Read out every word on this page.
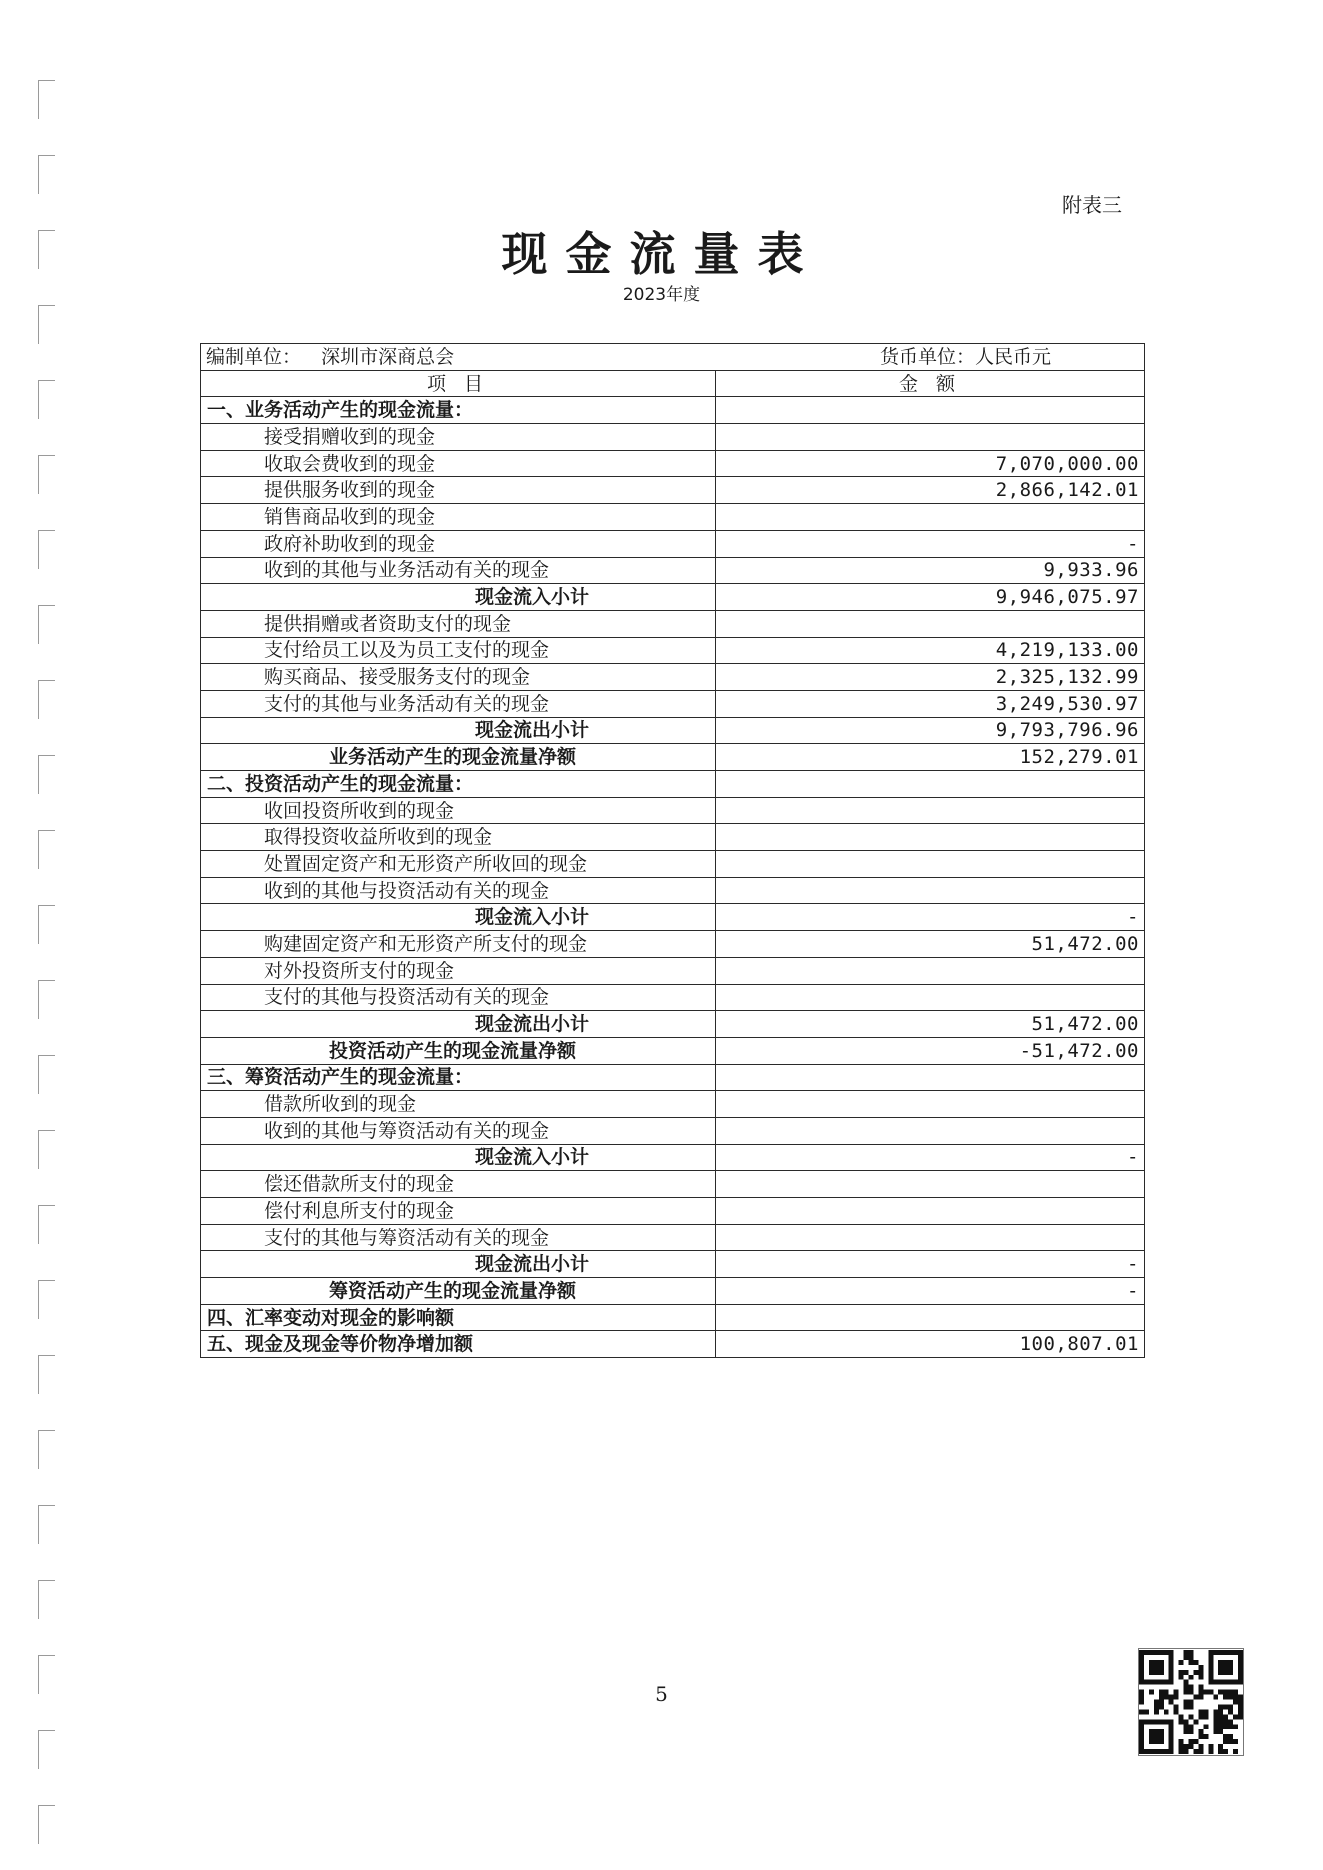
附表三
现金流量表
2023年度
编制单位： 深圳市深商总会 货币单位：人民币元	

项 目	金 额
一、业务活动产生的现金流量：	
接受捐赠收到的现金	
收取会费收到的现金	7,070,000.00
提供服务收到的现金	2,866,142.01
销售商品收到的现金	
政府补助收到的现金	-
收到的其他与业务活动有关的现金	9,933.96
现金流入小计	9,946,075.97
提供捐赠或者资助支付的现金	
支付给员工以及为员工支付的现金	4,219,133.00
购买商品、接受服务支付的现金	2,325,132.99
支付的其他与业务活动有关的现金	3,249,530.97
现金流出小计	9,793,796.96
业务活动产生的现金流量净额	152,279.01
二、投资活动产生的现金流量：	
收回投资所收到的现金	
取得投资收益所收到的现金	
处置固定资产和无形资产所收回的现金	
收到的其他与投资活动有关的现金	
现金流入小计	-
购建固定资产和无形资产所支付的现金	51,472.00
对外投资所支付的现金	
支付的其他与投资活动有关的现金	
现金流出小计	51,472.00
投资活动产生的现金流量净额	-51,472.00
三、筹资活动产生的现金流量：	
借款所收到的现金	
收到的其他与筹资活动有关的现金	
现金流入小计	-
偿还借款所支付的现金	
偿付利息所支付的现金	
支付的其他与筹资活动有关的现金	
现金流出小计	-
筹资活动产生的现金流量净额	-
四、汇率变动对现金的影响额	
五、现金及现金等价物净增加额	100,807.01
5
